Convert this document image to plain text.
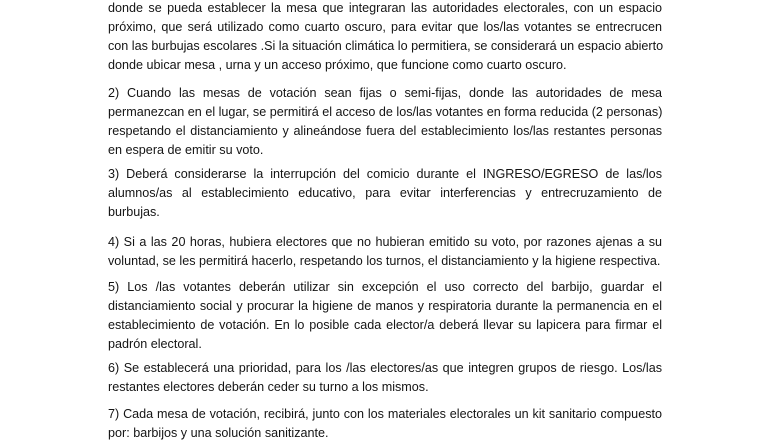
donde se pueda establecer la mesa que integraran las autoridades electorales, con un espacio
próximo, que será utilizado como cuarto oscuro, para evitar que los/las votantes se entrecrucen
con las burbujas escolares .Si la situación climática lo permitiera, se considerará un espacio abierto
donde ubicar mesa , urna y un acceso próximo, que funcione como cuarto oscuro.
2) Cuando las mesas de votación sean fijas o semi-fijas, donde las autoridades de mesa
permanezcan en el lugar, se permitirá el acceso de los/las votantes en forma reducida (2 personas)
respetando el distanciamiento y alineándose fuera del establecimiento los/las restantes personas
en espera de emitir su voto.
3) Deberá considerarse la interrupción del comicio durante el INGRESO/EGRESO de las/los
alumnos/as al establecimiento educativo, para evitar interferencias y entrecruzamiento de
burbujas.
4) Si a las 20 horas, hubiera electores que no hubieran emitido su voto, por razones ajenas a su
voluntad, se les permitirá hacerlo, respetando los turnos, el distanciamiento y la higiene respectiva.
5) Los /las votantes deberán utilizar sin excepción el uso correcto del barbijo, guardar el
distanciamiento social y procurar la higiene de manos y respiratoria durante la permanencia en el
establecimiento de votación. En lo posible cada elector/a deberá llevar su lapicera para firmar el
padrón electoral.
6) Se establecerá una prioridad, para los /las electores/as que integren grupos de riesgo. Los/las
restantes electores deberán ceder su turno a los mismos.
7) Cada mesa de votación, recibirá, junto con los materiales electorales un kit sanitario compuesto
por: barbijos y una solución sanitizante.
